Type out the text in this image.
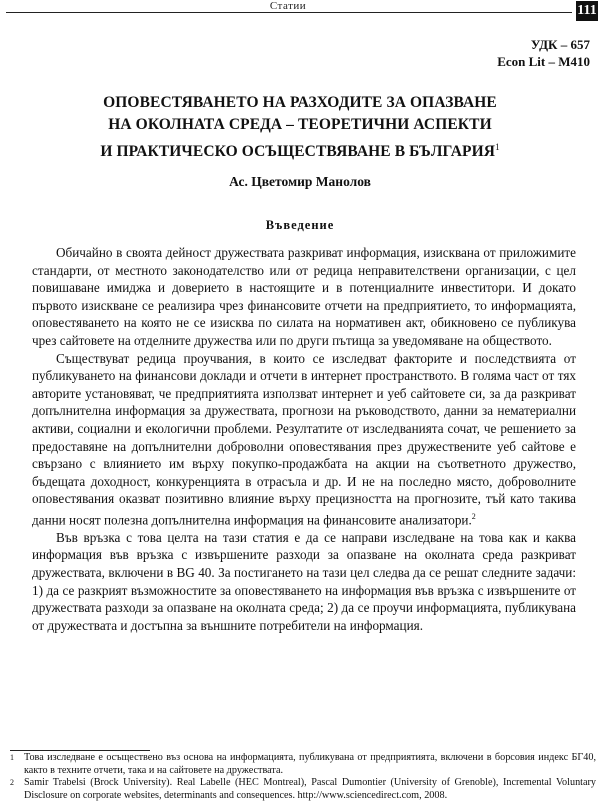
Статии	111
УДК – 657
Econ Lit – M410
ОПОВЕСТЯВАНЕТО НА РАЗХОДИТЕ ЗА ОПАЗВАНЕ
НА ОКОЛНАТА СРЕДА – ТЕОРЕТИЧНИ АСПЕКТИ
И ПРАКТИЧЕСКО ОСЪЩЕСТВЯВАНЕ В БЪЛГАРИЯ$^1$
Ас. Цветомир Манолов
Въведение

Обичайно в своята дейност дружествата разкриват информация, изисквана от приложимите стандарти, от местното законодателство или от редица неправителствени организации, с цел повишаване имиджа и доверието в настоящите и в потенциалните инвеститори. И докато първото изискване се реализира чрез финансовите отчети на предприятието, то информацията, оповестяването на която не се изисква по силата на нормативен акт, обикновено се публикува чрез сайтовете на отделните дружества или по други пътища за уведомяване на обществото.

Съществуват редица проучвания, в които се изследват факторите и последствията от публикуването на финансови доклади и отчети в интернет пространството. В голяма част от тях авторите установяват, че предприятията използват интернет и уеб сайтовете си, за да разкриват допълнителна информация за дружествата, прогнози на ръководството, данни за нематериални активи, социални и екологични проблеми. Резултатите от изследванията сочат, че решението за предоставяне на допълнителни доброволни оповестявания през дружествените уеб сайтове е свързано с влиянието им върху покупко-продажбата на акции на съответното дружество, бъдещата доходност, конкуренцията в отрасъла и др. И не на последно място, доброволните оповестявания оказват позитивно влияние върху прецизността на прогнозите, тъй като такива данни носят полезна допълнителна информация на финансовите анализатори.$^2$

Във връзка с това целта на тази статия е да се направи изследване на това как и каква информация във връзка с извършените разходи за опазване на околната среда разкриват дружествата, включени в BG 40. За постигането на тази цел следва да се решат следните задачи: 1) да се разкрият възможностите за оповестяването на информация във връзка с извършените от дружествата разходи за опазване на околната среда; 2) да се проучи информацията, публикувана от дружествата и достъпна за външните потребители на информация.

1 Това изследване е осъществено въз основа на информацията, публикувана от предприятията, включени в борсовия индекс БГ40, както в техните отчети, така и на сайтовете на дружествата.
2 Samir Trabelsi (Brock University). Real Labelle (HEC Montreal), Pascal Dumontier (University of Grenoble), Incremental Voluntary Disclosure on corporate websites, determinants and consequences. http://www.sciencedirect.com, 2008.
